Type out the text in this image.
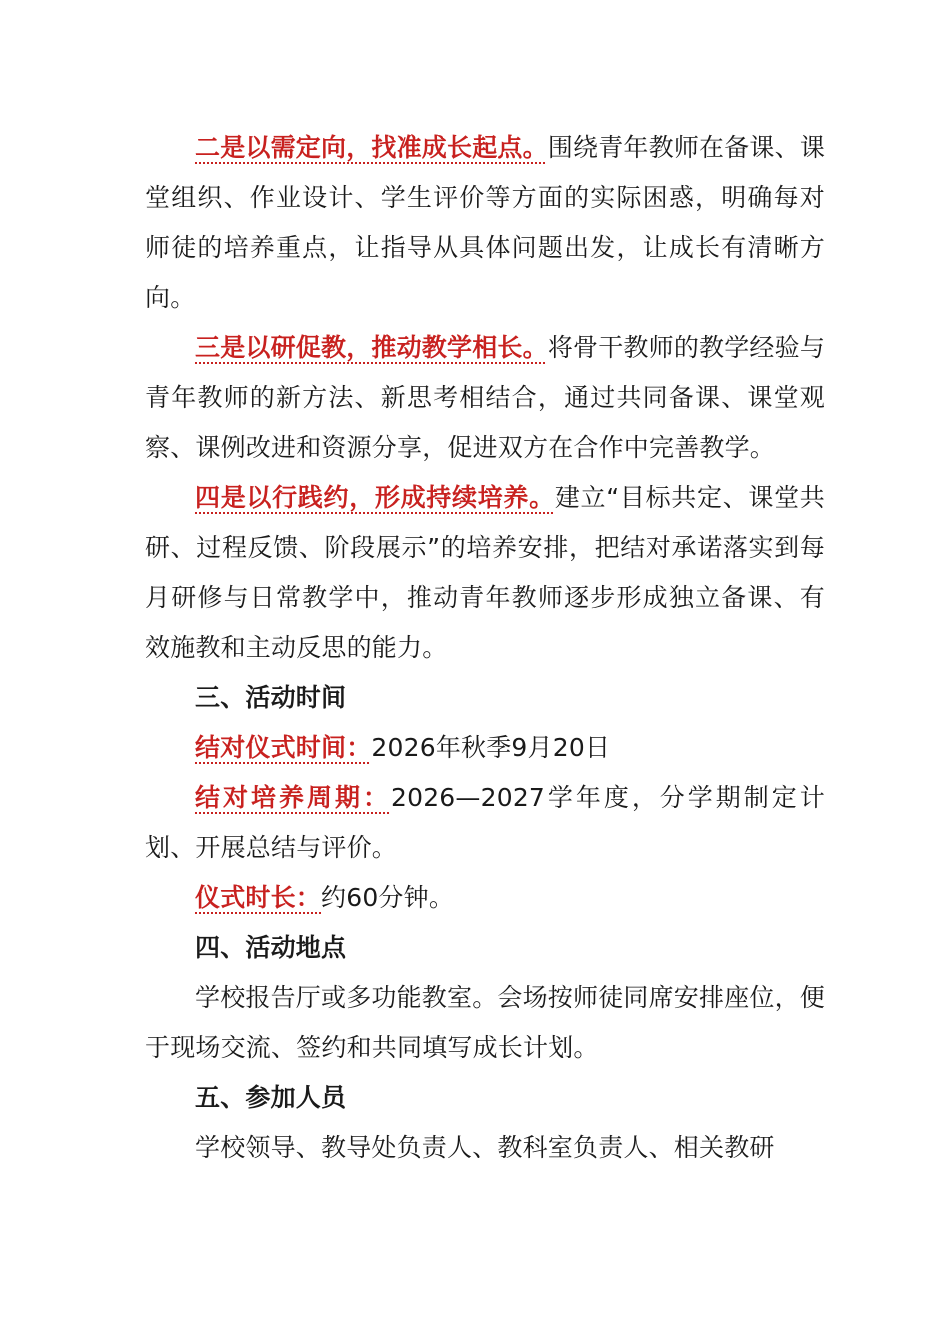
二是以需定向，找准成长起点。围绕青年教师在备课、课堂组织、作业设计、学生评价等方面的实际困惑，明确每对师徒的培养重点，让指导从具体问题出发，让成长有清晰方向。

三是以研促教，推动教学相长。将骨干教师的教学经验与青年教师的新方法、新思考相结合，通过共同备课、课堂观察、课例改进和资源分享，促进双方在合作中完善教学。

四是以行践约，形成持续培养。建立“目标共定、课堂共研、过程反馈、阶段展示”的培养安排，把结对承诺落实到每月研修与日常教学中，推动青年教师逐步形成独立备课、有效施教和主动反思的能力。

三、活动时间

结对仪式时间：2026年秋季9月20日

结对培养周期：2026—2027学年度，分学期制定计划、开展总结与评价。

仪式时长：约60分钟。

四、活动地点

学校报告厅或多功能教室。会场按师徒同席安排座位，便于现场交流、签约和共同填写成长计划。

五、参加人员

学校领导、教导处负责人、教科室负责人、相关教研
